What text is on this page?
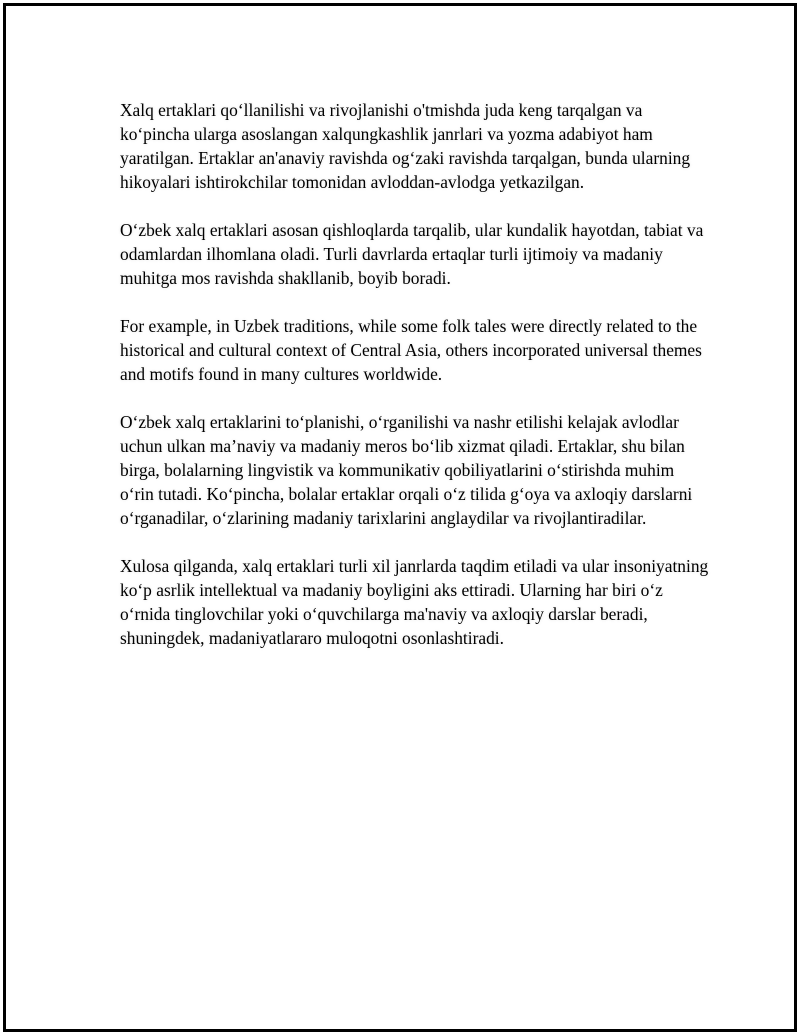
Xalq ertaklari qo‘llanilishi va rivojlanishi o'tmishda juda keng tarqalgan va ko‘pincha ularga asoslangan xalqungkashlik janrlari va yozma adabiyot ham yaratilgan. Ertaklar an'anaviy ravishda og‘zaki ravishda tarqalgan, bunda ularning hikoyalari ishtirokchilar tomonidan avloddan-avlodga yetkazilgan.

O‘zbek xalq ertaklari asosan qishloqlarda tarqalib, ular kundalik hayotdan, tabiat va odamlardan ilhomlana oladi. Turli davrlarda ertaqlar turli ijtimoiy va madaniy muhitga mos ravishda shakllanib, boyib boradi.

For example, in Uzbek traditions, while some folk tales were directly related to the historical and cultural context of Central Asia, others incorporated universal themes and motifs found in many cultures worldwide.

O‘zbek xalq ertaklarini to‘planishi, o‘rganilishi va nashr etilishi kelajak avlodlar uchun ulkan ma’naviy va madaniy meros bo‘lib xizmat qiladi. Ertaklar, shu bilan birga, bolalarning lingvistik va kommunikativ qobiliyatlarini o‘stirishda muhim o‘rin tutadi. Ko‘pincha, bolalar ertaklar orqali o‘z tilida g‘oya va axloqiy darslarni o‘rganadilar, o‘zlarining madaniy tarixlarini anglaydilar va rivojlantiradilar.

Xulosa qilganda, xalq ertaklari turli xil janrlarda taqdim etiladi va ular insoniyatning ko‘p asrlik intellektual va madaniy boyligini aks ettiradi. Ularning har biri o‘z o‘rnida tinglovchilar yoki o‘quvchilarga ma'naviy va axloqiy darslar beradi, shuningdek, madaniyatlararo muloqotni osonlashtiradi.
